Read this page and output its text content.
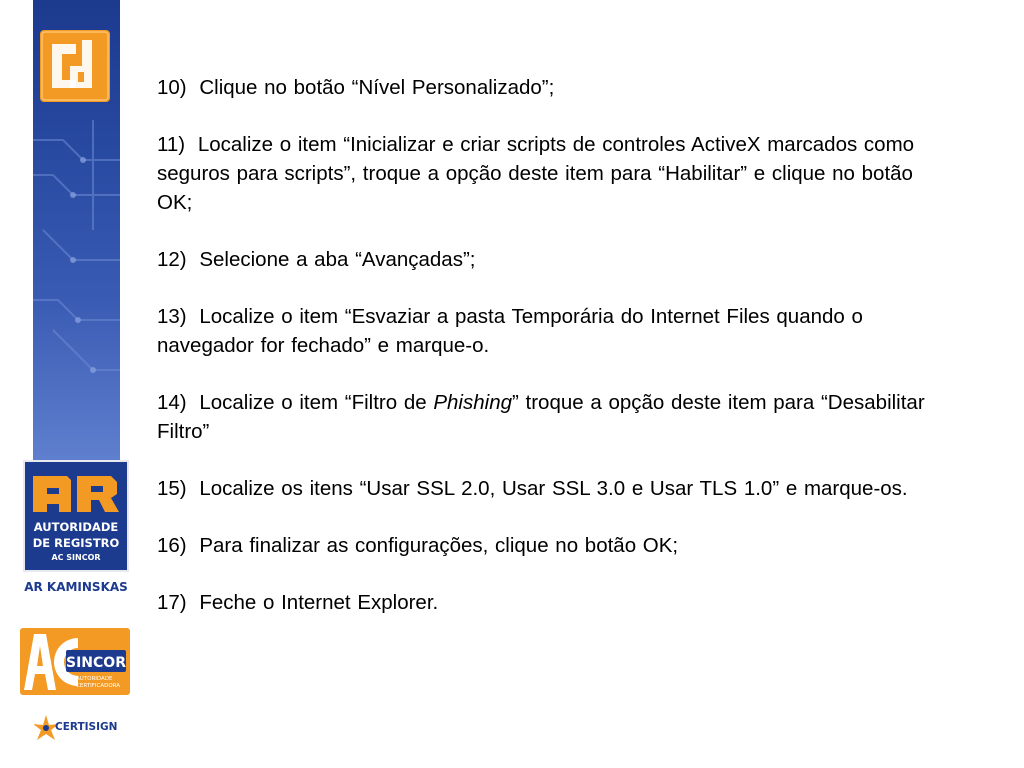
AUTORIDADE
DE REGISTRO
AC SINCOR
AR KAMINSKAS
SINCOR
AUTORIDADE
CERTIFICADORA
CERTISIGN
10) Clique no botão “Nível Personalizado”;
11) Localize o item “Inicializar e criar scripts de controles ActiveX marcados como seguros para scripts”, troque a opção deste item para “Habilitar” e clique no botão OK;
12) Selecione a aba “Avançadas”;
13) Localize o item “Esvaziar a pasta Temporária do Internet Files quando o navegador for fechado” e marque-o.
14) Localize o item “Filtro de Phishing” troque a opção deste item para “Desabilitar Filtro”
15) Localize os itens “Usar SSL 2.0, Usar SSL 3.0 e Usar TLS 1.0” e marque-os.
16) Para finalizar as configurações, clique no botão OK;
17) Feche o Internet Explorer.
